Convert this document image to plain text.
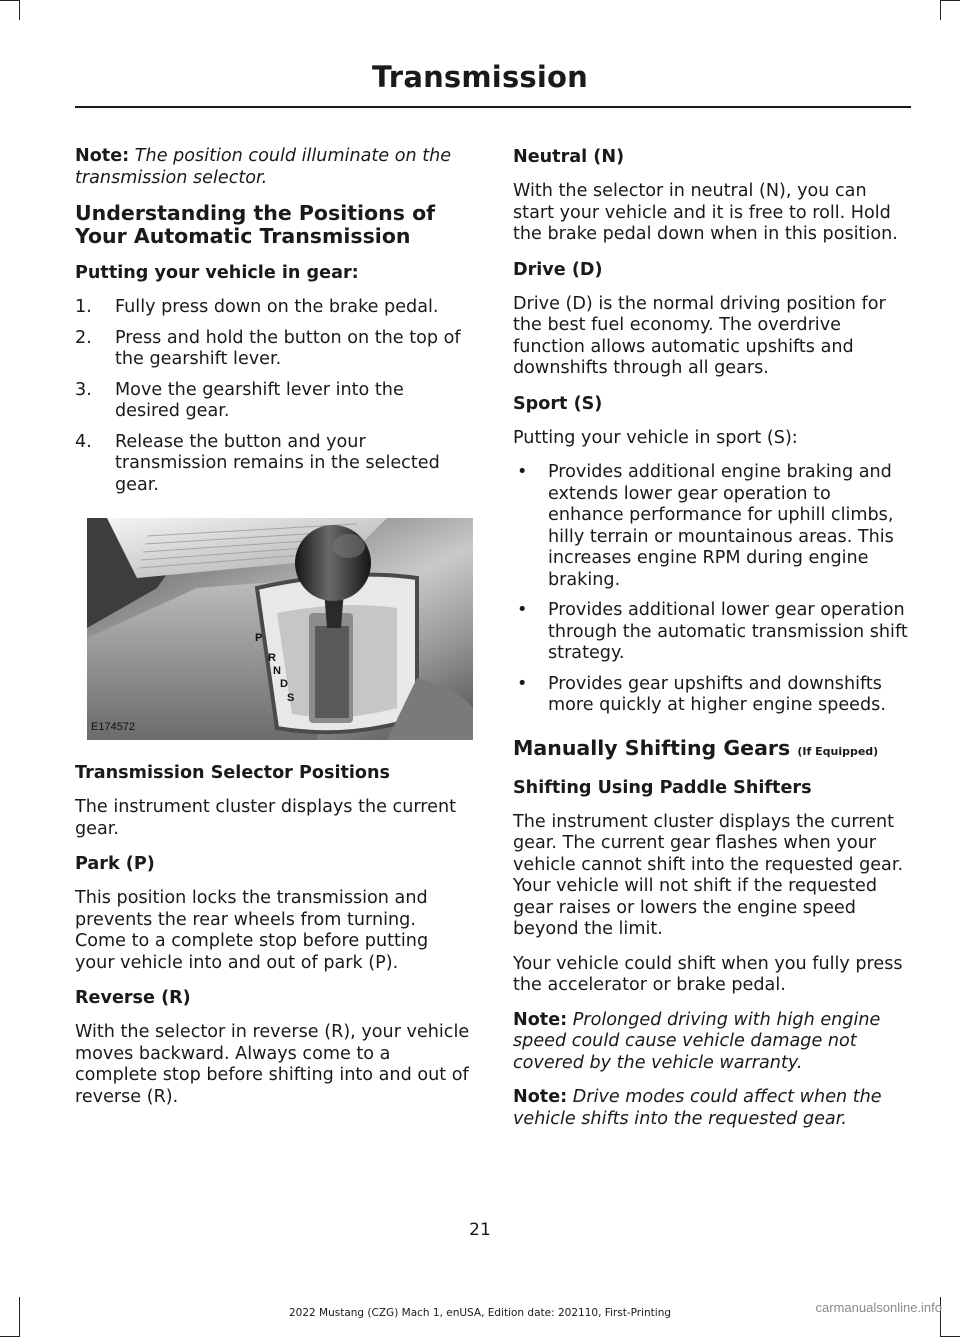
Transmission

Note: The position could illuminate on the transmission selector.

Understanding the Positions of Your Automatic Transmission
Putting your vehicle in gear:
1. Fully press down on the brake pedal.
2. Press and hold the button on the top of the gearshift lever.
3. Move the gearshift lever into the desired gear.
4. Release the button and your transmission remains in the selected gear.
P
R
N
D
S
E174572
Transmission Selector Positions

The instrument cluster displays the current gear.

Park (P)

This position locks the transmission and prevents the rear wheels from turning. Come to a complete stop before putting your vehicle into and out of park (P).

Reverse (R)

With the selector in reverse (R), your vehicle moves backward. Always come to a complete stop before shifting into and out of reverse (R).

Neutral (N)

With the selector in neutral (N), you can start your vehicle and it is free to roll. Hold the brake pedal down when in this position.

Drive (D)

Drive (D) is the normal driving position for the best fuel economy. The overdrive function allows automatic upshifts and downshifts through all gears.

Sport (S)

Putting your vehicle in sport (S):

• Provides additional engine braking and extends lower gear operation to enhance performance for uphill climbs, hilly terrain or mountainous areas. This increases engine RPM during engine braking.
• Provides additional lower gear operation through the automatic transmission shift strategy.
• Provides gear upshifts and downshifts more quickly at higher engine speeds.
Manually Shifting Gears (If Equipped)
Shifting Using Paddle Shifters

The instrument cluster displays the current gear. The current gear flashes when your vehicle cannot shift into the requested gear. Your vehicle will not shift if the requested gear raises or lowers the engine speed beyond the limit.

Your vehicle could shift when you fully press the accelerator or brake pedal.

Note: Prolonged driving with high engine speed could cause vehicle damage not covered by the vehicle warranty.

Note: Drive modes could affect when the vehicle shifts into the requested gear.

21
2022 Mustang (CZG) Mach 1, enUSA, Edition date: 202110, First-Printing	carmanualsonline.info
